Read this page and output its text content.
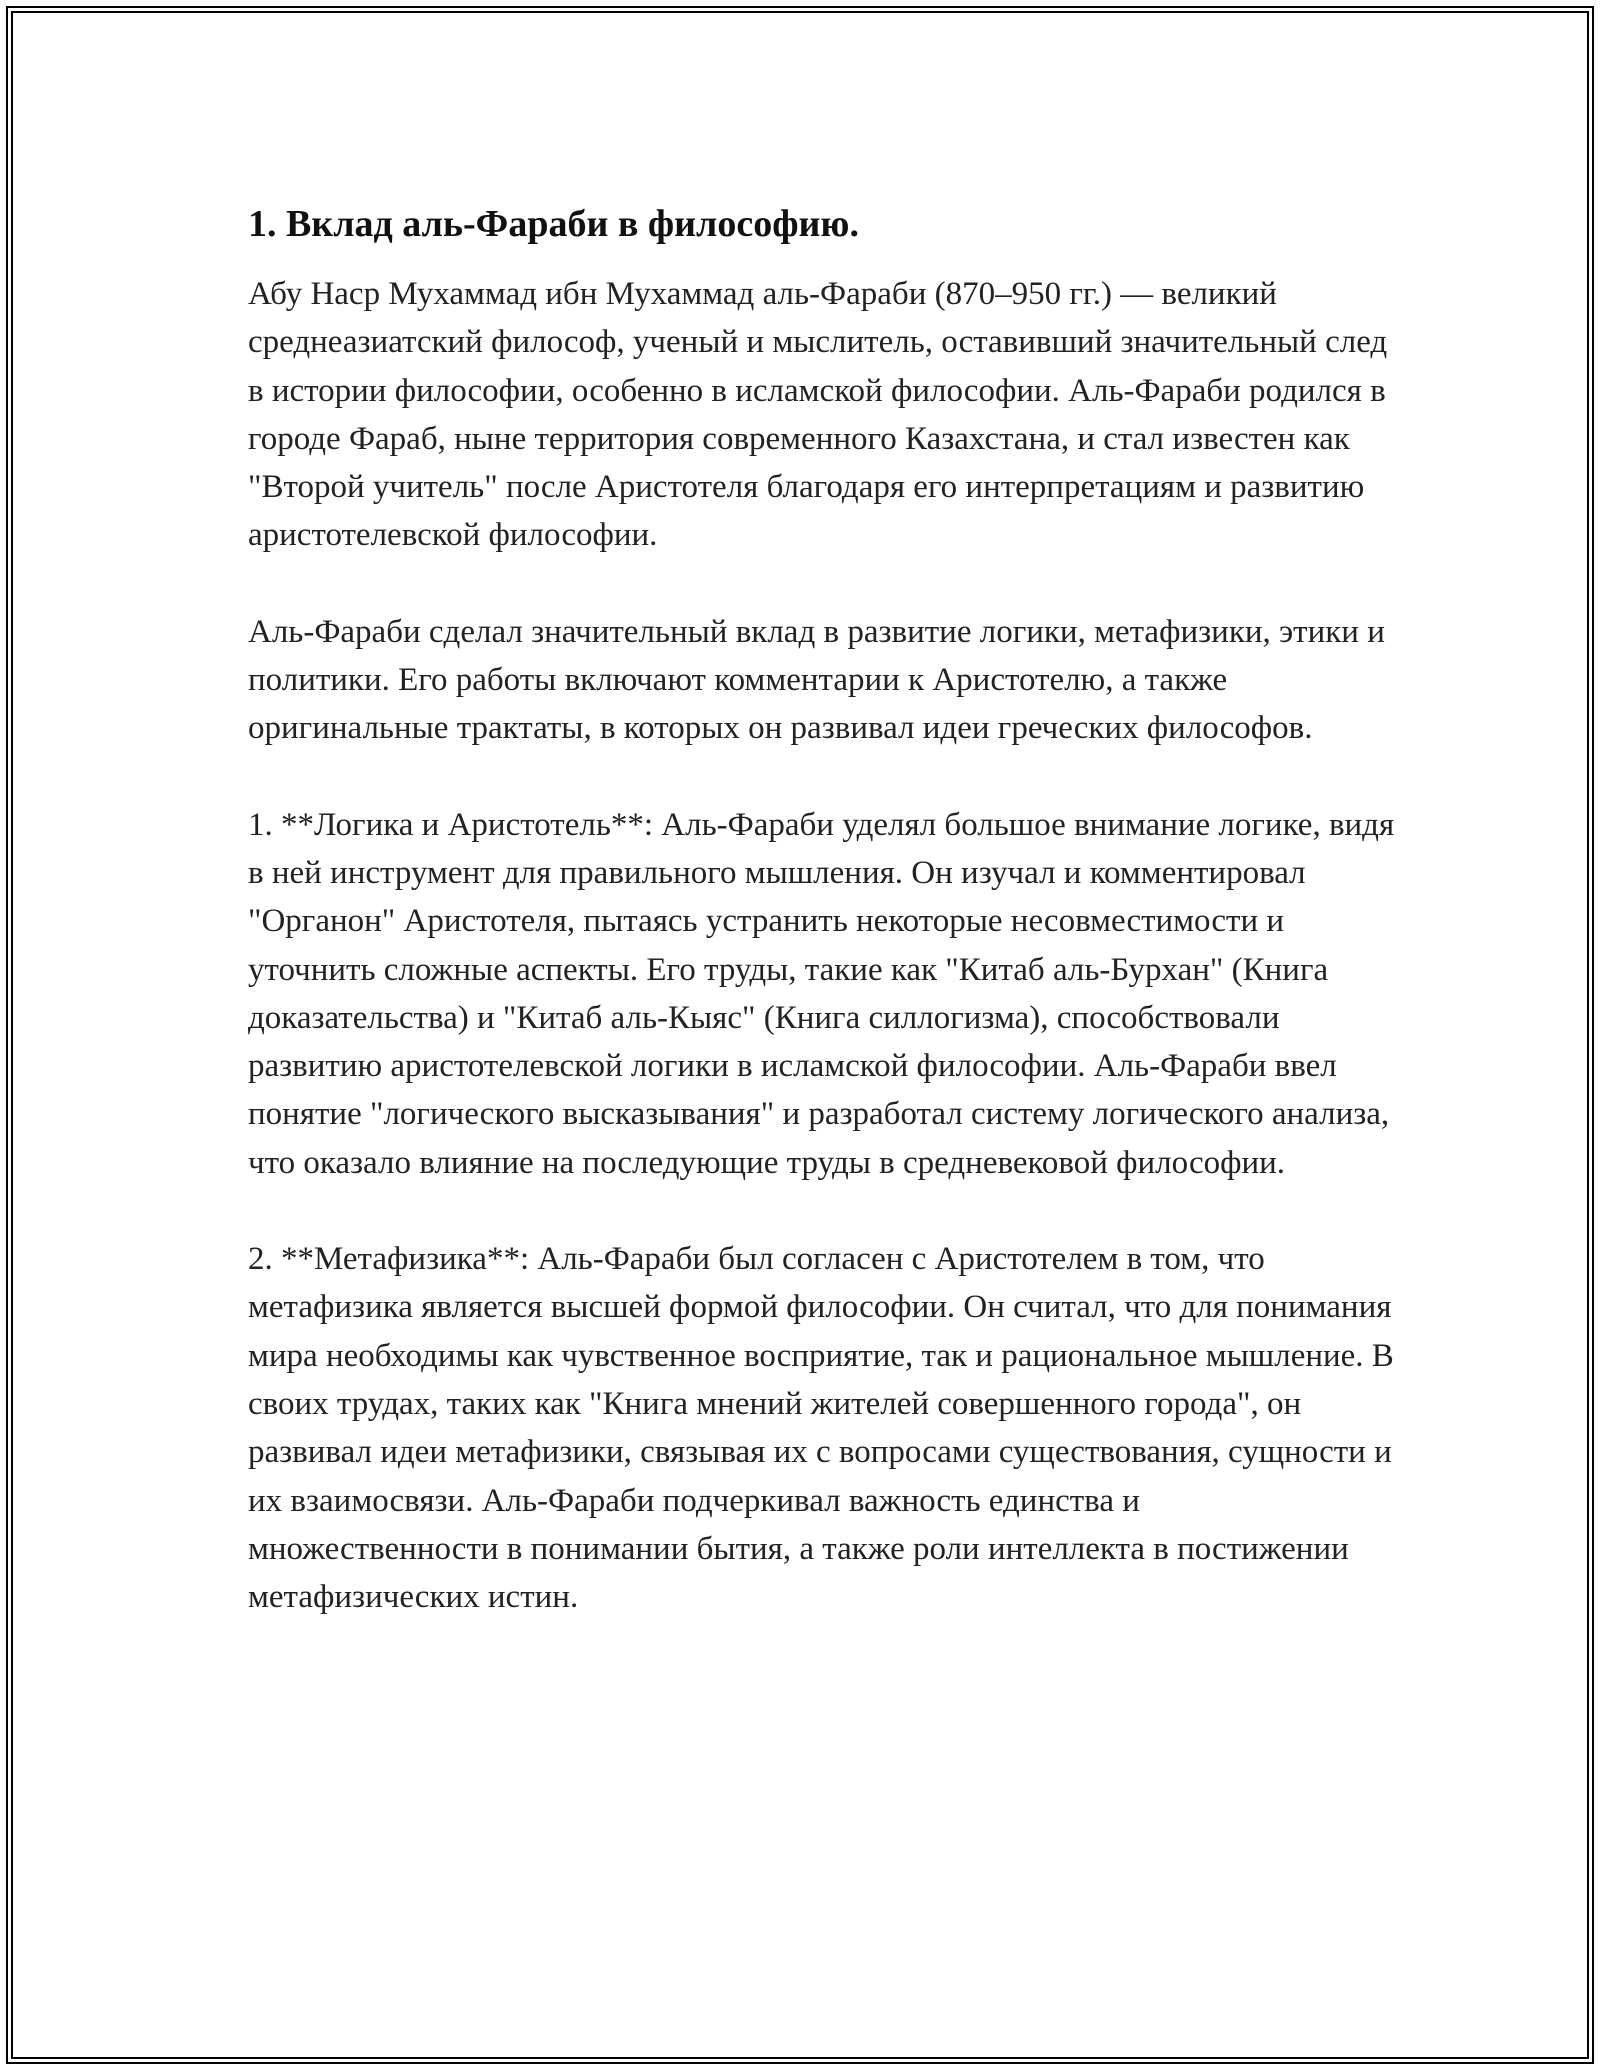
1. Вклад аль-Фараби в философию.

Абу Наср Мухаммад ибн Мухаммад аль-Фараби (870–950 гг.) — великий среднеазиатский философ, ученый и мыслитель, оставивший значительный след в истории философии, особенно в исламской философии. Аль-Фараби родился в городе Фараб, ныне территория современного Казахстана, и стал известен как "Второй учитель" после Аристотеля благодаря его интерпретациям и развитию аристотелевской философии.

Аль-Фараби сделал значительный вклад в развитие логики, метафизики, этики и политики. Его работы включают комментарии к Аристотелю, а также оригинальные трактаты, в которых он развивал идеи греческих философов.

1. **Логика и Аристотель**: Аль-Фараби уделял большое внимание логике, видя в ней инструмент для правильного мышления. Он изучал и комментировал "Органон" Аристотеля, пытаясь устранить некоторые несовместимости и уточнить сложные аспекты. Его труды, такие как "Китаб аль-Бурхан" (Книга доказательства) и "Китаб аль-Кыяс" (Книга силлогизма), способствовали развитию аристотелевской логики в исламской философии. Аль-Фараби ввел понятие "логического высказывания" и разработал систему логического анализа, что оказало влияние на последующие труды в средневековой философии.

2. **Метафизика**: Аль-Фараби был согласен с Аристотелем в том, что метафизика является высшей формой философии. Он считал, что для понимания мира необходимы как чувственное восприятие, так и рациональное мышление. В своих трудах, таких как "Книга мнений жителей совершенного города", он развивал идеи метафизики, связывая их с вопросами существования, сущности и их взаимосвязи. Аль-Фараби подчеркивал важность единства и множественности в понимании бытия, а также роли интеллекта в постижении метафизических истин.
